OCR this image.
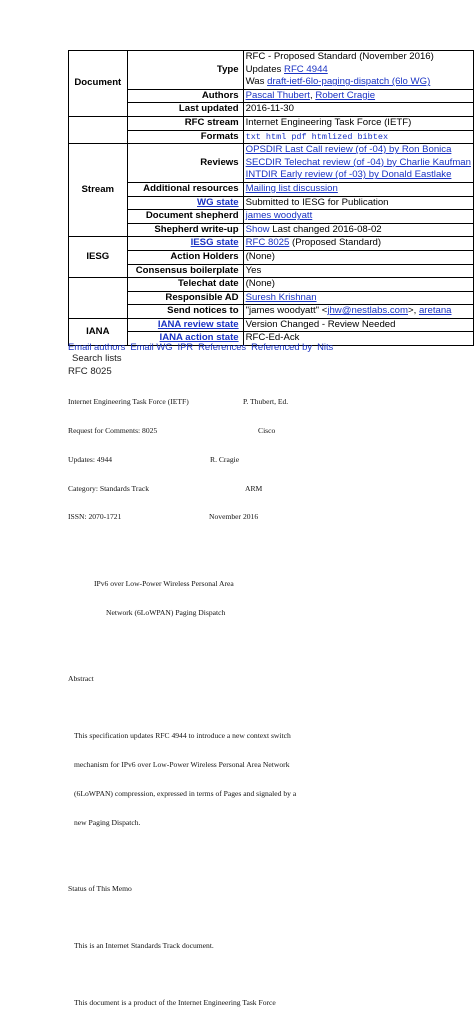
Document	Type	RFC - Proposed Standard (November 2016)
Updates RFC 4944
Was draft-ietf-6lo-paging-dispatch (6lo WG)

	Authors	Pascal Thubert, Robert Cragie
	Last updated	2016-11-30
	RFC stream	Internet Engineering Task Force (IETF)
	Formats	txt html pdf htmlized bibtex
Stream	Reviews	OPSDIR Last Call review (of -04) by Ron Bonica
SECDIR Telechat review (of -04) by Charlie Kaufman
INTDIR Early review (of -03) by Donald Eastlake
	Additional resources	Mailing list discussion
	WG state	Submitted to IESG for Publication
	Document shepherd	james woodyatt
	Shepherd write-up	Show Last changed 2016-08-02
IESG	IESG state	RFC 8025 (Proposed Standard)
	Action Holders	(None)
	Consensus boilerplate	Yes
	Telechat date	(None)
	Responsible AD	Suresh Krishnan
	Send notices to	"james woodyatt" <jhw@nestlabs.com>, aretana
IANA	IANA review state	Version Changed - Review Needed
	IANA action state	RFC-Ed-Ack
Email authors Email WG IPR References Referenced by Nits
Search lists
RFC 8025

Internet Engineering Task Force (IETF)

	P. Thubert, Ed.

Request for Comments: 8025

	Cisco

Updates: 4944

	R. Cragie

Category: Standards Track

	ARM

ISSN: 2070-1721

	November 2016

IPv6 over Low-Power Wireless Personal Area

Network (6LoWPAN) Paging Dispatch

Abstract

This specification updates RFC 4944 to introduce a new context switch

mechanism for IPv6 over Low-Power Wireless Personal Area Network

(6LoWPAN) compression, expressed in terms of Pages and signaled by a

new Paging Dispatch.

Status of This Memo

This is an Internet Standards Track document.

This document is a product of the Internet Engineering Task Force
